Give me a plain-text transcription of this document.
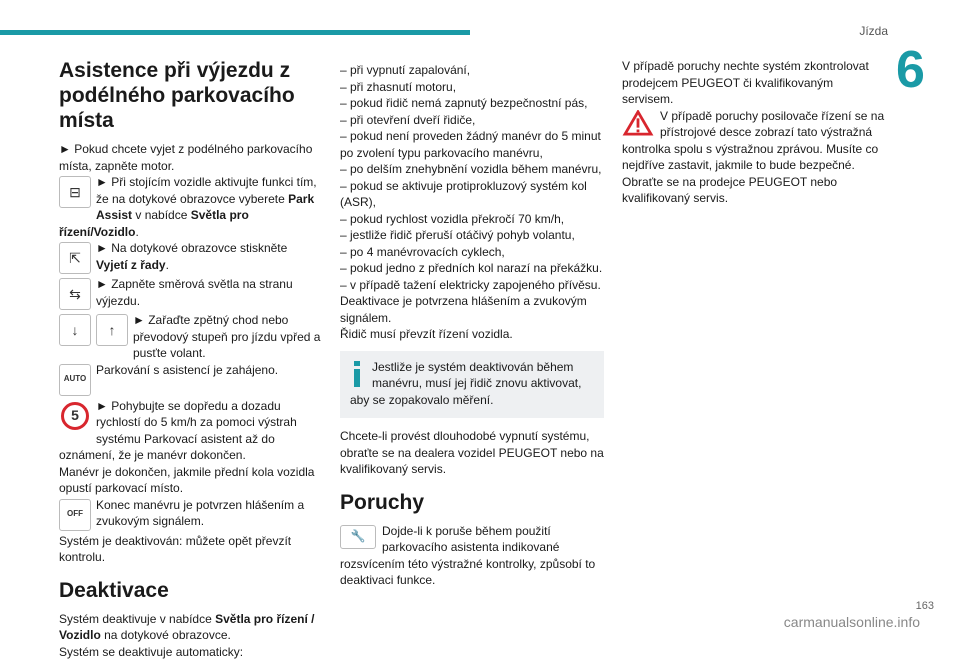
Jízda
6
Asistence při výjezdu z podélného parkovacího místa

► Pokud chcete vyjet z podélného parkovacího místa, zapněte motor.

⊟

► Při stojícím vozidle aktivujte funkci tím, že na dotykové obrazovce vyberete Park Assist v nabídce Světla pro řízení/Vozidlo.

⇱

► Na dotykové obrazovce stiskněte Vyjetí z řady.

⇆

► Zapněte směrová světla na stranu výjezdu.

↓	↑

► Zařaďte zpětný chod nebo převodový stupeň pro jízdu vpřed a pusťte volant.

AUTO

Parkování s asistencí je zahájeno.

5

► Pohybujte se dopředu a dozadu rychlostí do 5 km/h za pomoci výstrah systému Parkovací asistent až do oznámení, že je manévr dokončen.

Manévr je dokončen, jakmile přední kola vozidla opustí parkovací místo.

OFF

Konec manévru je potvrzen hlášením a zvukovým signálem.

Systém je deaktivován: můžete opět převzít kontrolu.

Deaktivace

Systém deaktivuje v nabídce Světla pro řízení / Vozidlo na dotykové obrazovce.

Systém se deaktivuje automaticky:

– při vypnutí zapalování,

– při zhasnutí motoru,

– pokud řidič nemá zapnutý bezpečnostní pás,

– při otevření dveří řidiče,

– pokud není proveden žádný manévr do 5 minut po zvolení typu parkovacího manévru,

– po delším znehybnění vozidla během manévru,

– pokud se aktivuje protiprokluzový systém kol (ASR),

– pokud rychlost vozidla překročí 70 km/h,

– jestliže řidič přeruší otáčivý pohyb volantu,

– po 4 manévrovacích cyklech,

– pokud jedno z předních kol narazí na překážku.

– v případě tažení elektricky zapojeného přívěsu.

Deaktivace je potvrzena hlášením a zvukovým signálem.

Řidič musí převzít řízení vozidla.

Jestliže je systém deaktivován během manévru, musí jej řidič znovu aktivovat, aby se zopakovalo měření.

Chcete-li provést dlouhodobé vypnutí systému, obraťte se na dealera vozidel PEUGEOT nebo na kvalifikovaný servis.

Poruchy
🔧	Dojde-li k poruše během použití parkovacího asistenta indikované rozsvícením této výstražné kontrolky, způsobí to deaktivaci funkce.

V případě poruchy nechte systém zkontrolovat prodejcem PEUGEOT či kvalifikovaným servisem.

V případě poruchy posilovače řízení se na přístrojové desce zobrazí tato výstražná kontrolka spolu s výstražnou zprávou. Musíte co nejdříve zastavit, jakmile to bude bezpečné. Obraťte se na prodejce PEUGEOT nebo kvalifikovaný servis.

163
carmanualsonline.info
